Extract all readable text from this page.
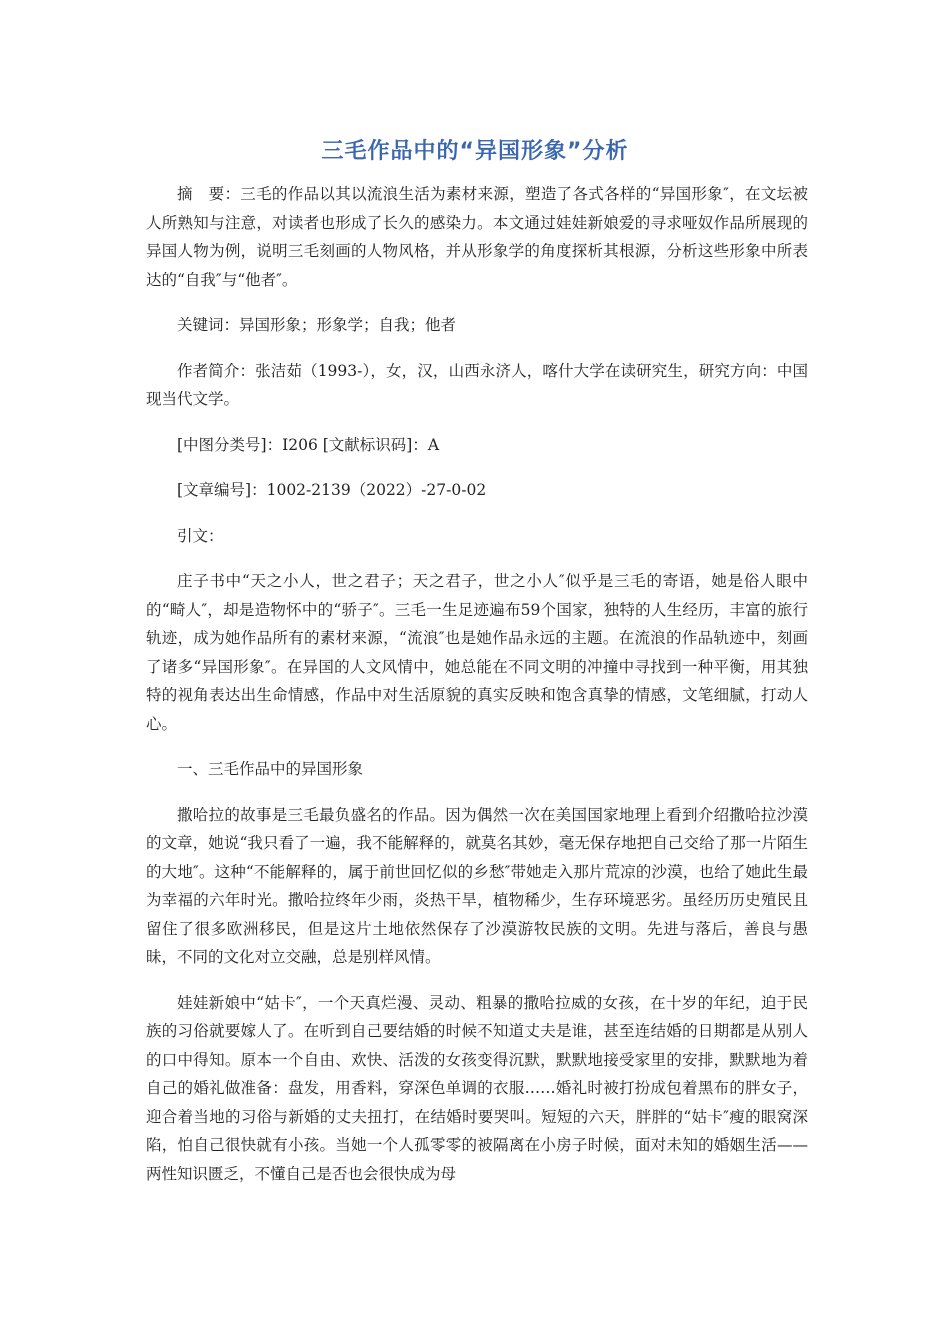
三毛作品中的“异国形象”分析

摘　要：三毛的作品以其以流浪生活为素材来源，塑造了各式各样的“异国形象″，在文坛被人所熟知与注意，对读者也形成了长久的感染力。本文通过娃娃新娘爱的寻求哑奴作品所展现的异国人物为例，说明三毛刻画的人物风格，并从形象学的角度探析其根源，分析这些形象中所表达的“自我″与“他者″。

关键词：异国形象；形象学；自我；他者

作者简介：张洁茹（1993-），女，汉，山西永济人，喀什大学在读研究生，研究方向：中国现当代文学。

[中图分类号]：I206 [文献标识码]：A

[文章编号]：1002-2139（2022）-27-0-02

引文：

庄子书中“天之小人，世之君子；天之君子，世之小人″似乎是三毛的寄语，她是俗人眼中的“畸人″，却是造物怀中的“骄子″。三毛一生足迹遍布59个国家，独特的人生经历，丰富的旅行轨迹，成为她作品所有的素材来源，“流浪″也是她作品永远的主题。在流浪的作品轨迹中，刻画了诸多“异国形象″。在异国的人文风情中，她总能在不同文明的冲撞中寻找到一种平衡，用其独特的视角表达出生命情感，作品中对生活原貌的真实反映和饱含真挚的情感，文笔细腻，打动人心。

一、三毛作品中的异国形象

撒哈拉的故事是三毛最负盛名的作品。因为偶然一次在美国国家地理上看到介绍撒哈拉沙漠的文章，她说“我只看了一遍，我不能解释的，就莫名其妙，毫无保存地把自己交给了那一片陌生的大地″。这种“不能解释的，属于前世回忆似的乡愁″带她走入那片荒凉的沙漠，也给了她此生最为幸福的六年时光。撒哈拉终年少雨，炎热干旱，植物稀少，生存环境恶劣。虽经历历史殖民且留住了很多欧洲移民，但是这片土地依然保存了沙漠游牧民族的文明。先进与落后，善良与愚昧，不同的文化对立交融，总是别样风情。

娃娃新娘中“姑卡″，一个天真烂漫、灵动、粗暴的撒哈拉威的女孩，在十岁的年纪，迫于民族的习俗就要嫁人了。在听到自己要结婚的时候不知道丈夫是谁，甚至连结婚的日期都是从别人的口中得知。原本一个自由、欢快、活泼的女孩变得沉默，默默地接受家里的安排，默默地为着自己的婚礼做准备：盘发，用香料，穿深色单调的衣服……婚礼时被打扮成包着黑布的胖女子，迎合着当地的习俗与新婚的丈夫扭打，在结婚时要哭叫。短短的六天，胖胖的“姑卡″瘦的眼窝深陷，怕自己很快就有小孩。当她一个人孤零零的被隔离在小房子时候，面对未知的婚姻生活——两性知识匮乏，不懂自己是否也会很快成为母
